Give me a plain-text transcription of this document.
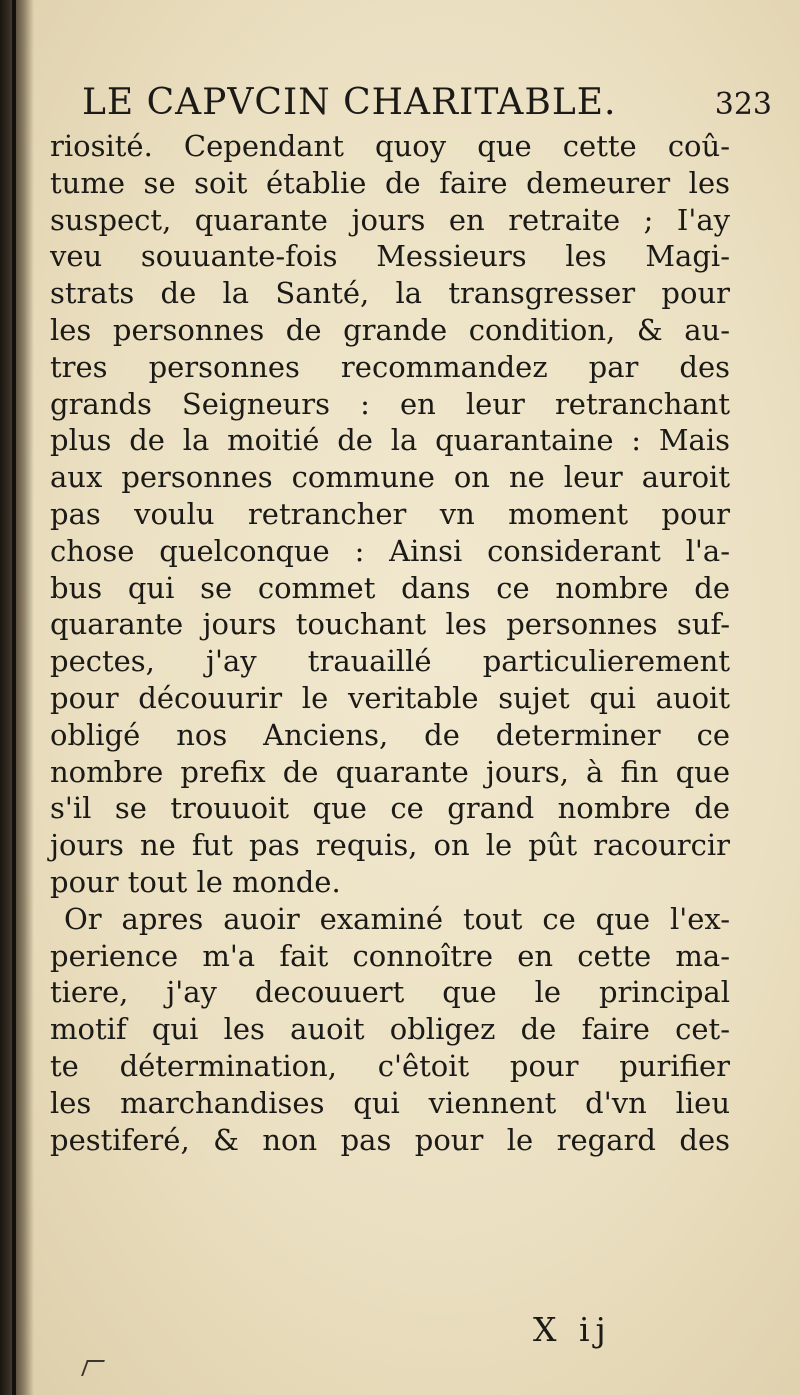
LE CAPVCIN CHARITABLE.	323
riosité. Cependant quoy que cette coû-
tume se soit établie de faire demeurer les
suspect, quarante jours en retraite ; I'ay
veu souuante-fois Messieurs les Magi-
strats de la Santé, la transgresser pour
les personnes de grande condition, & au-
tres personnes recommandez par des
grands Seigneurs : en leur retranchant
plus de la moitié de la quarantaine : Mais
aux personnes commune on ne leur auroit
pas voulu retrancher vn moment pour
chose quelconque : Ainsi considerant l'a-
bus qui se commet dans ce nombre de
quarante jours touchant les personnes suf-
pectes, j'ay trauaillé particulierement
pour découurir le veritable sujet qui auoit
obligé nos Anciens, de determiner ce
nombre prefix de quarante jours, à fin que
s'il se trouuoit que ce grand nombre de
jours ne fut pas requis, on le pût racourcir
pour tout le monde.
Or apres auoir examiné tout ce que l'ex-
perience m'a fait connoître en cette ma-
tiere, j'ay decouuert que le principal
motif qui les auoit obligez de faire cet-
te détermination, c'êtoit pour purifier
les marchandises qui viennent d'vn lieu
pestiferé, & non pas pour le regard des
X ij
